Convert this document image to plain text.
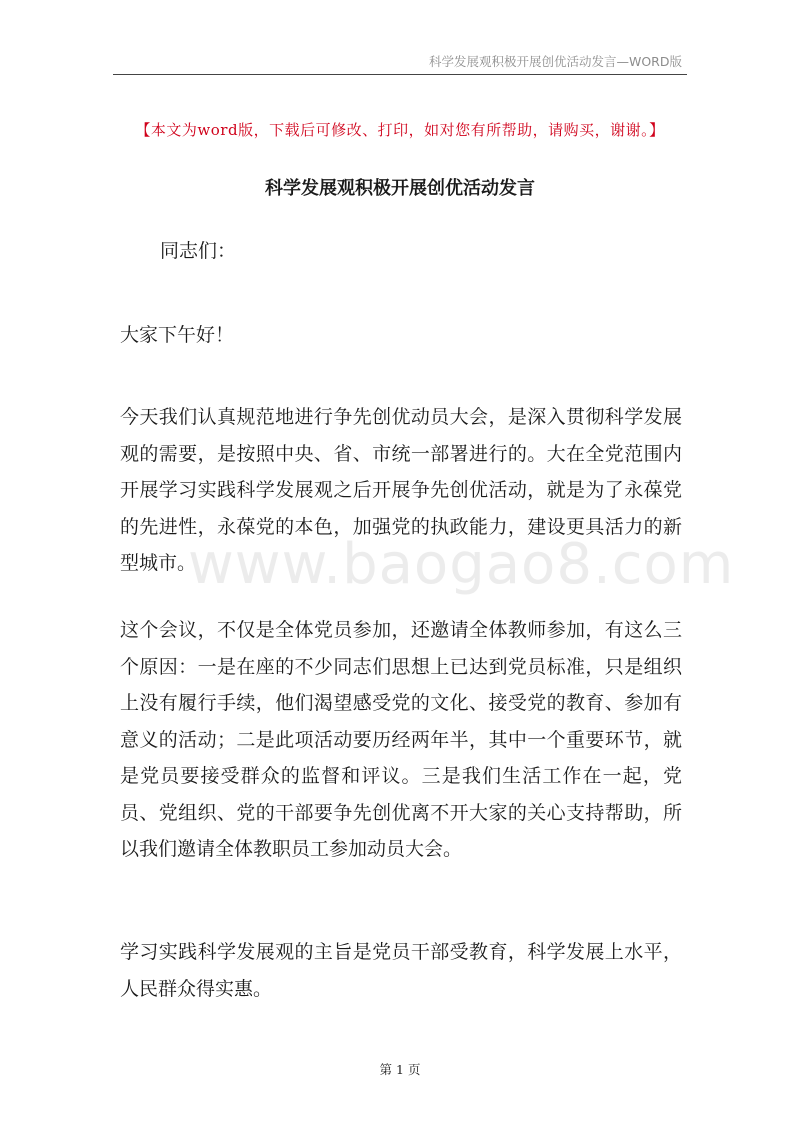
科学发展观积极开展创优活动发言—WORD版
www.baogao8.com
【本文为word版，下载后可修改、打印，如对您有所帮助，请购买，谢谢。】
科学发展观积极开展创优活动发言

同志们：

大家下午好！

今天我们认真规范地进行争先创优动员大会，是深入贯彻科学发展观的需要，是按照中央、省、市统一部署进行的。大在全党范围内开展学习实践科学发展观之后开展争先创优活动，就是为了永葆党的先进性，永葆党的本色，加强党的执政能力，建设更具活力的新型城市。

这个会议，不仅是全体党员参加，还邀请全体教师参加，有这么三个原因：一是在座的不少同志们思想上已达到党员标准，只是组织上没有履行手续，他们渴望感受党的文化、接受党的教育、参加有意义的活动；二是此项活动要历经两年半，其中一个重要环节，就是党员要接受群众的监督和评议。三是我们生活工作在一起，党员、党组织、党的干部要争先创优离不开大家的关心支持帮助，所以我们邀请全体教职员工参加动员大会。

学习实践科学发展观的主旨是党员干部受教育，科学发展上水平，人民群众得实惠。

第 1 页
